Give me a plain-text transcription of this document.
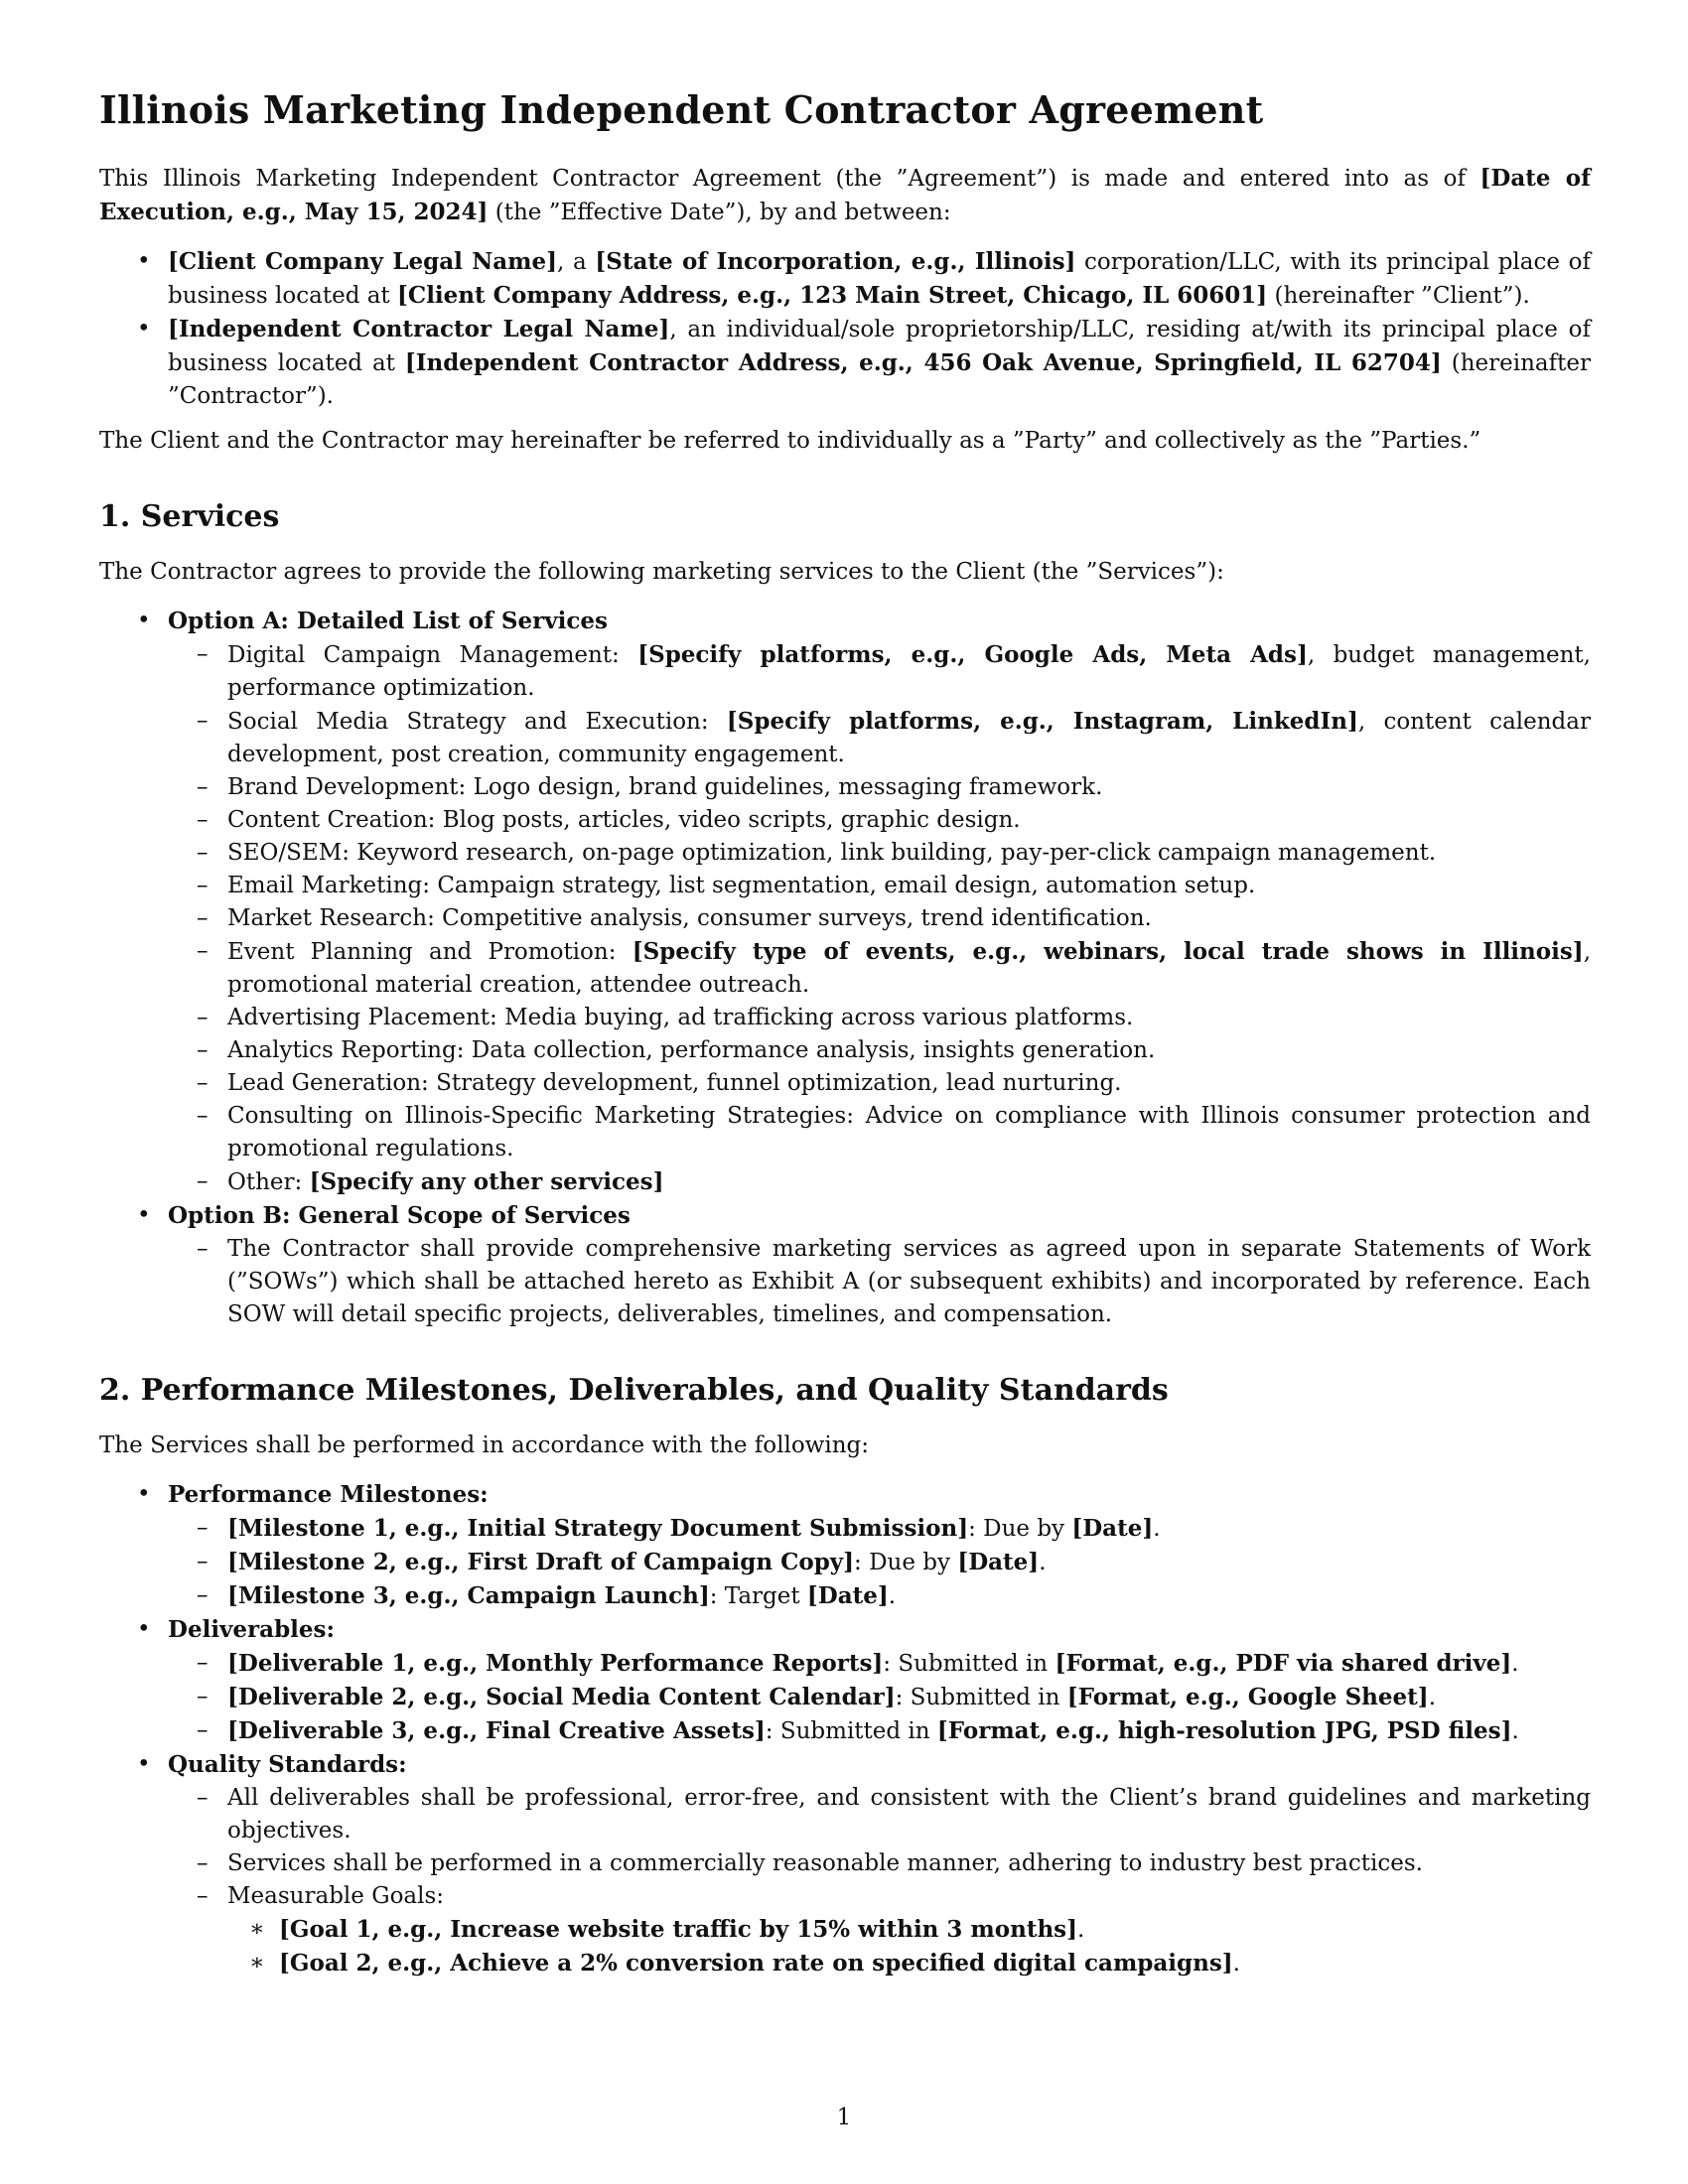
Illinois Marketing Independent Contractor Agreement

This Illinois Marketing Independent Contractor Agreement (the ”Agreement”) is made and entered into as of [Date of Execution, e.g., May 15, 2024] (the ”Effective Date”), by and between:

• [Client Company Legal Name], a [State of Incorporation, e.g., Illinois] corporation/LLC, with its principal place of business located at [Client Company Address, e.g., 123 Main Street, Chicago, IL 60601] (hereinafter ”Client”).
• [Independent Contractor Legal Name], an individual/sole proprietorship/LLC, residing at/with its principal place of business located at [Independent Contractor Address, e.g., 456 Oak Avenue, Springfield, IL 62704] (hereinafter ”Contractor”).

The Client and the Contractor may hereinafter be referred to individually as a ”Party” and collectively as the ”Parties.”

1. Services

The Contractor agrees to provide the following marketing services to the Client (the ”Services”):

• Option A: Detailed List of Services
– Digital Campaign Management: [Specify platforms, e.g., Google Ads, Meta Ads], budget management, performance optimization.
– Social Media Strategy and Execution: [Specify platforms, e.g., Instagram, LinkedIn], content calendar development, post creation, community engagement.
– Brand Development: Logo design, brand guidelines, messaging framework.
– Content Creation: Blog posts, articles, video scripts, graphic design.
– SEO/SEM: Keyword research, on-page optimization, link building, pay-per-click campaign management.
– Email Marketing: Campaign strategy, list segmentation, email design, automation setup.
– Market Research: Competitive analysis, consumer surveys, trend identification.
– Event Planning and Promotion: [Specify type of events, e.g., webinars, local trade shows in Illinois], promotional material creation, attendee outreach.
– Advertising Placement: Media buying, ad trafficking across various platforms.
– Analytics Reporting: Data collection, performance analysis, insights generation.
– Lead Generation: Strategy development, funnel optimization, lead nurturing.
– Consulting on Illinois-Specific Marketing Strategies: Advice on compliance with Illinois consumer protection and promotional regulations.
– Other: [Specify any other services]
• Option B: General Scope of Services
– The Contractor shall provide comprehensive marketing services as agreed upon in separate Statements of Work (”SOWs”) which shall be attached hereto as Exhibit A (or subsequent exhibits) and incorporated by reference. Each SOW will detail specific projects, deliverables, timelines, and compensation.
2. Performance Milestones, Deliverables, and Quality Standards

The Services shall be performed in accordance with the following:

• Performance Milestones:
– [Milestone 1, e.g., Initial Strategy Document Submission]: Due by [Date].
– [Milestone 2, e.g., First Draft of Campaign Copy]: Due by [Date].
– [Milestone 3, e.g., Campaign Launch]: Target [Date].
• Deliverables:
– [Deliverable 1, e.g., Monthly Performance Reports]: Submitted in [Format, e.g., PDF via shared drive].
– [Deliverable 2, e.g., Social Media Content Calendar]: Submitted in [Format, e.g., Google Sheet].
– [Deliverable 3, e.g., Final Creative Assets]: Submitted in [Format, e.g., high-resolution JPG, PSD files].
• Quality Standards:
– All deliverables shall be professional, error-free, and consistent with the Client’s brand guidelines and marketing objectives.
– Services shall be performed in a commercially reasonable manner, adhering to industry best practices.
– Measurable Goals:
∗ [Goal 1, e.g., Increase website traffic by 15% within 3 months].
∗ [Goal 2, e.g., Achieve a 2% conversion rate on specified digital campaigns].
1
